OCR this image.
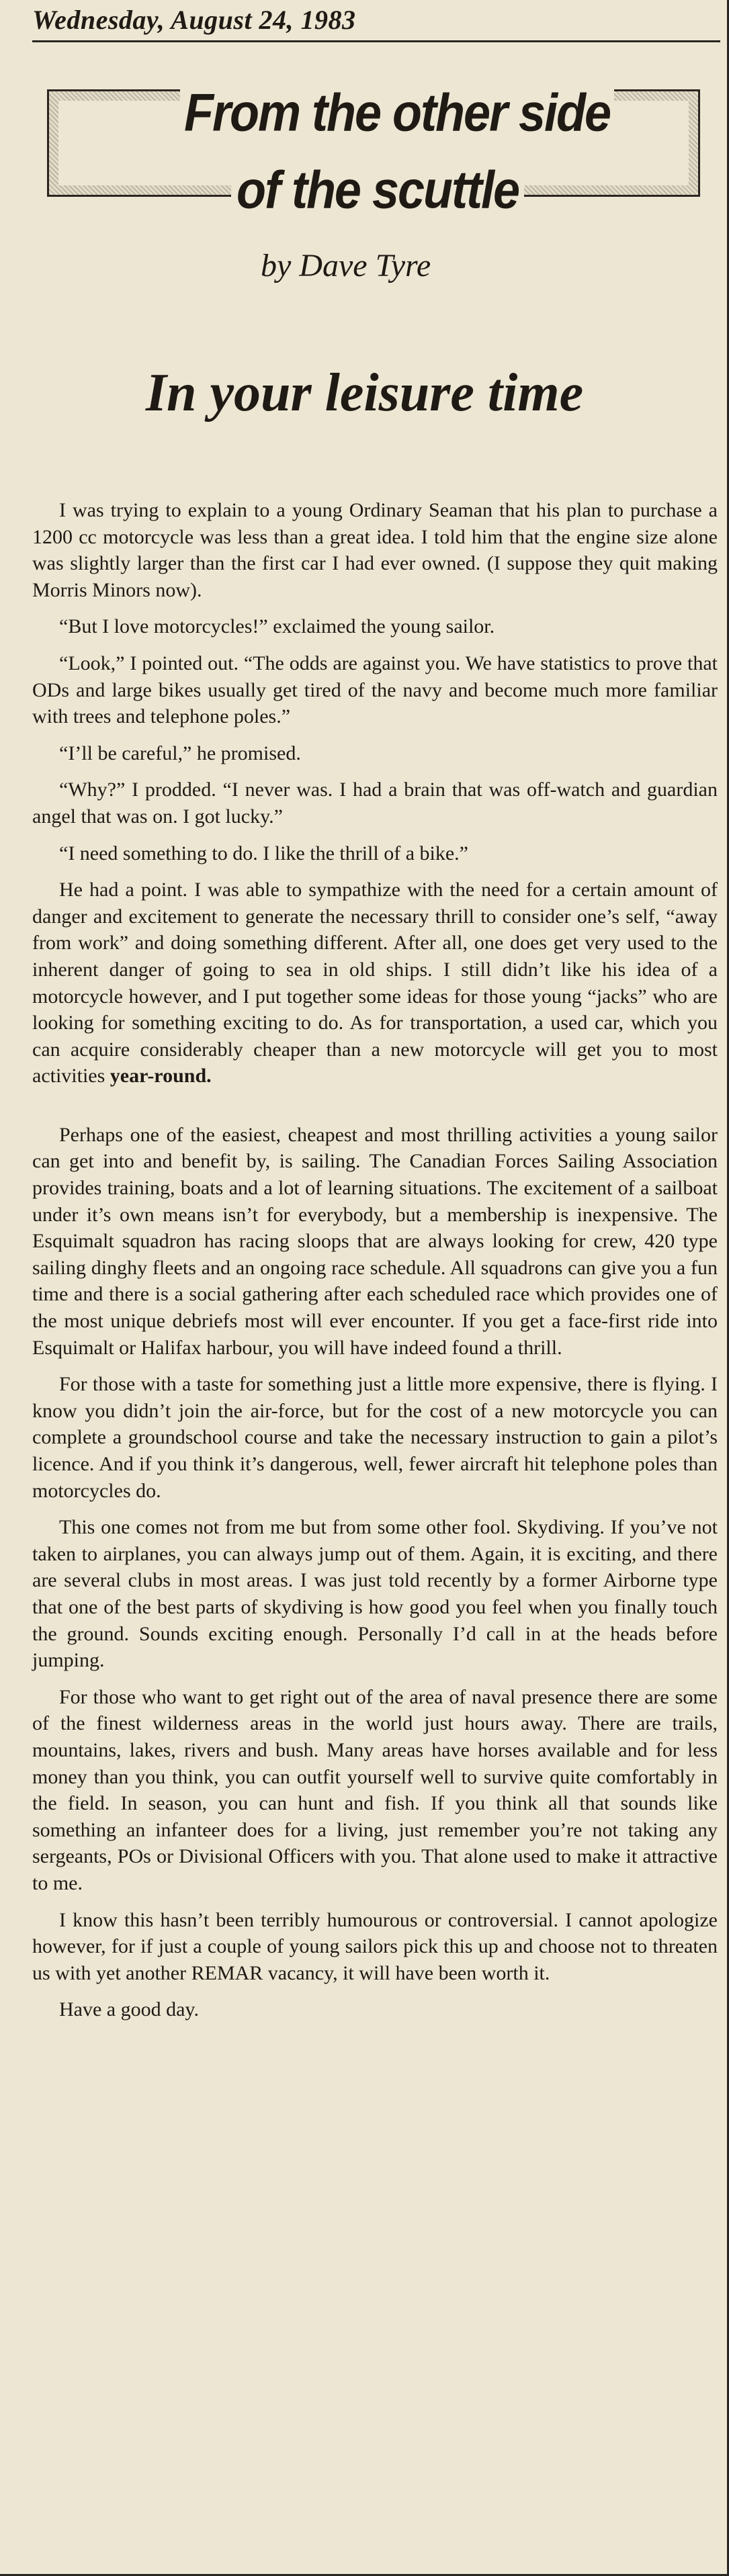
Wednesday, August 24, 1983
From the other side
of the scuttle
by Dave Tyre
In your leisure time

I was trying to explain to a young Ordinary Seaman that his plan to purchase a 1200 cc motorcycle was less than a great idea. I told him that the engine size alone was slightly larger than the first car I had ever owned. (I suppose they quit making Morris Minors now).

“But I love motorcycles!” exclaimed the young sailor.

“Look,” I pointed out. “The odds are against you. We have statistics to prove that ODs and large bikes usually get tired of the navy and become much more familiar with trees and telephone poles.”

“I’ll be careful,” he promised.

“Why?” I prodded. “I never was. I had a brain that was off-watch and guardian angel that was on. I got lucky.”

“I need something to do. I like the thrill of a bike.”

He had a point. I was able to sympathize with the need for a certain amount of danger and excitement to generate the necessary thrill to consider one’s self, “away from work” and doing something different. After all, one does get very used to the inherent danger of going to sea in old ships. I still didn’t like his idea of a motorcycle however, and I put together some ideas for those young “jacks” who are looking for something exciting to do. As for transportation, a used car, which you can acquire considerably cheaper than a new motorcycle will get you to most activities year-round.

Perhaps one of the easiest, cheapest and most thrilling activities a young sailor can get into and benefit by, is sailing. The Canadian Forces Sailing Association provides training, boats and a lot of learning situations. The excitement of a sailboat under it’s own means isn’t for everybody, but a membership is inexpensive. The Esquimalt squadron has racing sloops that are always looking for crew, 420 type sailing dinghy fleets and an ongoing race schedule. All squadrons can give you a fun time and there is a social gathering after each scheduled race which provides one of the most unique debriefs most will ever encounter. If you get a face-first ride into Esquimalt or Halifax harbour, you will have indeed found a thrill.

For those with a taste for something just a little more expensive, there is flying. I know you didn’t join the air-force, but for the cost of a new motorcycle you can complete a groundschool course and take the necessary instruction to gain a pilot’s licence. And if you think it’s dangerous, well, fewer aircraft hit telephone poles than motorcycles do.

This one comes not from me but from some other fool. Skydiving. If you’ve not taken to airplanes, you can always jump out of them. Again, it is exciting, and there are several clubs in most areas. I was just told recently by a former Airborne type that one of the best parts of skydiving is how good you feel when you finally touch the ground. Sounds exciting enough. Personally I’d call in at the heads before jumping.

For those who want to get right out of the area of naval presence there are some of the finest wilderness areas in the world just hours away. There are trails, mountains, lakes, rivers and bush. Many areas have horses available and for less money than you think, you can outfit yourself well to survive quite comfortably in the field. In season, you can hunt and fish. If you think all that sounds like something an infanteer does for a living, just remember you’re not taking any sergeants, POs or Divisional Officers with you. That alone used to make it attractive to me.

I know this hasn’t been terribly humourous or controversial. I cannot apologize however, for if just a couple of young sailors pick this up and choose not to threaten us with yet another REMAR vacancy, it will have been worth it.

Have a good day.
